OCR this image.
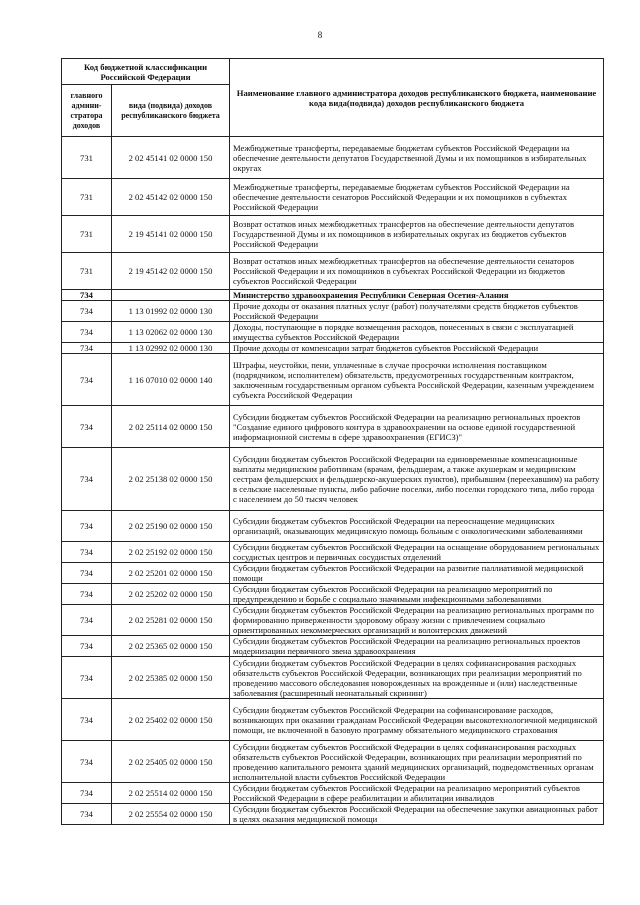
8
Код бюджетной классификации Российской Федерации		Наименование главного администратора доходов республиканского бюджета, наименование кода вида(подвида) доходов республиканского бюджета
главного админи-стратора доходов	вида (подвида) доходов республиканского бюджета	
731	2 02 45141 02 0000 150	Межбюджетные трансферты, передаваемые бюджетам субъектов Российской Федерации на обеспечение деятельности депутатов Государственной Думы и их помощников в избирательных округах
731	2 02 45142 02 0000 150	Межбюджетные трансферты, передаваемые бюджетам субъектов Российской Федерации на обеспечение деятельности сенаторов Российской Федерации и их помощников в субъектах Российской Федерации
731	2 19 45141 02 0000 150	Возврат остатков иных межбюджетных трансфертов на обеспечение деятельности депутатов Государственной Думы и их помощников в избирательных округах из бюджетов субъектов Российской Федерации
731	2 19 45142 02 0000 150	Возврат остатков иных межбюджетных трансфертов на обеспечение деятельности сенаторов Российской Федерации и их помощников в субъектах Российской Федерации из бюджетов субъектов Российской Федерации
734		Министерство здравоохранения Республики Северная Осетия-Алания
734	1 13 01992 02 0000 130	Прочие доходы от оказания платных услуг (работ) получателями средств бюджетов субъектов Российской Федерации
734	1 13 02062 02 0000 130	Доходы, поступающие в порядке возмещения расходов, понесенных в связи с эксплуатацией имущества субъектов Российской Федерации
734	1 13 02992 02 0000 130	Прочие доходы от компенсации затрат бюджетов субъектов Российской Федерации
734	1 16 07010 02 0000 140	Штрафы, неустойки, пени, уплаченные в случае просрочки исполнения поставщиком (подрядчиком, исполнителем) обязательств, предусмотренных государственным контрактом, заключенным государственным органом субъекта Российской Федерации, казенным учреждением субъекта Российской Федерации
734	2 02 25114 02 0000 150	Субсидии бюджетам субъектов Российской Федерации на реализацию региональных проектов "Создание единого цифрового контура в здравоохранении на основе единой государственной информационной системы в сфере здравоохранения (ЕГИСЗ)"
734	2 02 25138 02 0000 150	Субсидии бюджетам субъектов Российской Федерации на единовременные компенсационные выплаты медицинским работникам (врачам, фельдшерам, а также акушеркам и медицинским сестрам фельдшерских и фельдшерско-акушерских пунктов), прибывшим (переехавшим) на работу в сельские населенные пункты, либо рабочие поселки, либо поселки городского типа, либо города с населением до 50 тысяч человек
734	2 02 25190 02 0000 150	Субсидии бюджетам субъектов Российской Федерации на переоснащение медицинских организаций, оказывающих медицинскую помощь больным с онкологическими заболеваниями
734	2 02 25192 02 0000 150	Субсидии бюджетам субъектов Российской Федерации на оснащение оборудованием региональных сосудистых центров и первичных сосудистых отделений
734	2 02 25201 02 0000 150	Субсидии бюджетам субъектов Российской Федерации на развитие паллиативной медицинской помощи
734	2 02 25202 02 0000 150	Субсидии бюджетам субъектов Российской Федерации на реализацию мероприятий по предупреждению и борьбе с социально значимыми инфекционными заболеваниями
734	2 02 25281 02 0000 150	Субсидии бюджетам субъектов Российской Федерации на реализацию региональных программ по формированию приверженности здоровому образу жизни с привлечением социально ориентированных некоммерческих организаций и волонтерских движений
734	2 02 25365 02 0000 150	Субсидии бюджетам субъектов Российской Федерации на реализацию региональных проектов модернизации первичного звена здравоохранения
734	2 02 25385 02 0000 150	Субсидии бюджетам субъектов Российской Федерации в целях софинансирования расходных обязательств субъектов Российской Федерации, возникающих при реализации мероприятий по проведению массового обследования новорожденных на врожденные и (или) наследственные заболевания (расширенный неонатальный скрининг)
734	2 02 25402 02 0000 150	Субсидии бюджетам субъектов Российской Федерации на софинансирование расходов, возникающих при оказании гражданам Российской Федерации высокотехнологичной медицинской помощи, не включенной в базовую программу обязательного медицинского страхования
734	2 02 25405 02 0000 150	Субсидии бюджетам субъектов Российской Федерации в целях софинансирования расходных обязательств субъектов Российской Федерации, возникающих при реализации мероприятий по проведению капитального ремонта зданий медицинских организаций, подведомственных органам исполнительной власти субъектов Российской Федерации
734	2 02 25514 02 0000 150	Субсидии бюджетам субъектов Российской Федерации на реализацию мероприятий субъектов Российской Федерации в сфере реабилитации и абилитации инвалидов
734	2 02 25554 02 0000 150	Субсидии бюджетам субъектов Российской Федерации на обеспечение закупки авиационных работ в целях оказания медицинской помощи
